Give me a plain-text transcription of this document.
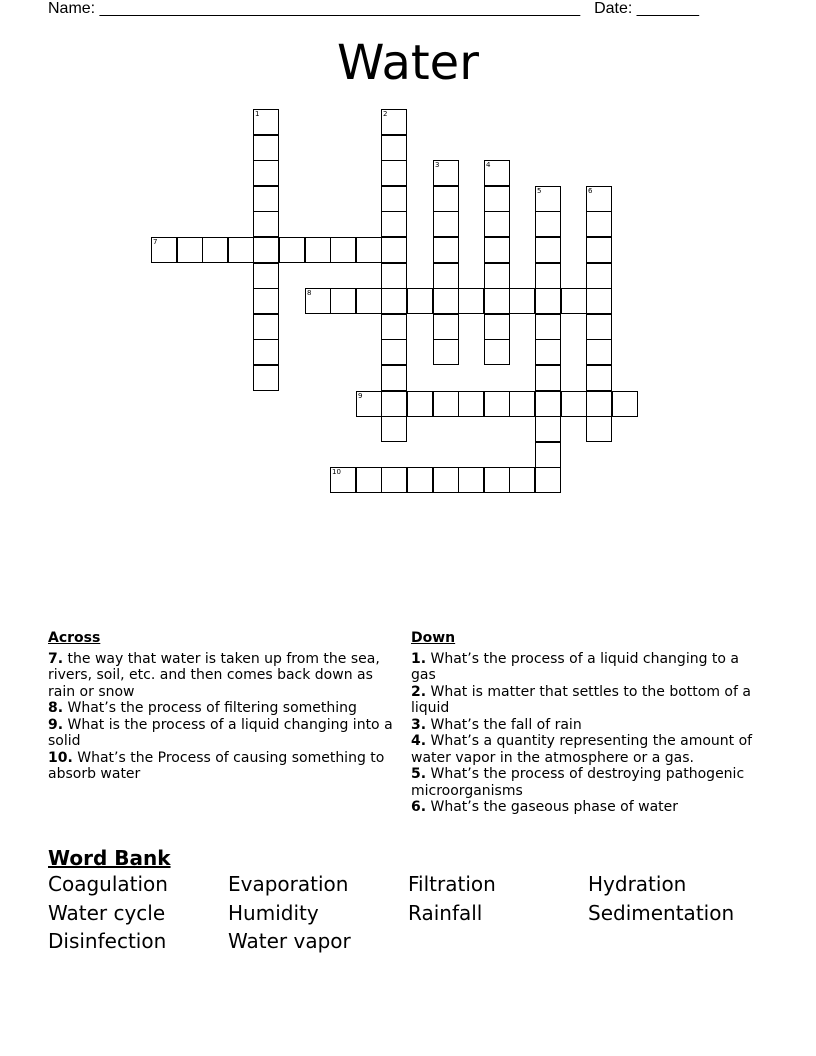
Name: ______________________________________________________ Date: _______
Water
1	2
3	4
5	6
7
8
9
10
Across
7. the way that water is taken up from the sea, rivers, soil, etc. and then comes back down as rain or snow
8. What’s the process of filtering something
9. What is the process of a liquid changing into a solid
10. What’s the Process of causing something to absorb water
Down
1. What’s the process of a liquid changing to a gas
2. What is matter that settles to the bottom of a liquid
3. What’s the fall of rain
4. What’s a quantity representing the amount of water vapor in the atmosphere or a gas.
5. What’s the process of destroying pathogenic microorganisms
6. What’s the gaseous phase of water
Word Bank
Coagulation	Evaporation	Filtration	Hydration
Water cycle	Humidity	Rainfall	Sedimentation
Disinfection	Water vapor
